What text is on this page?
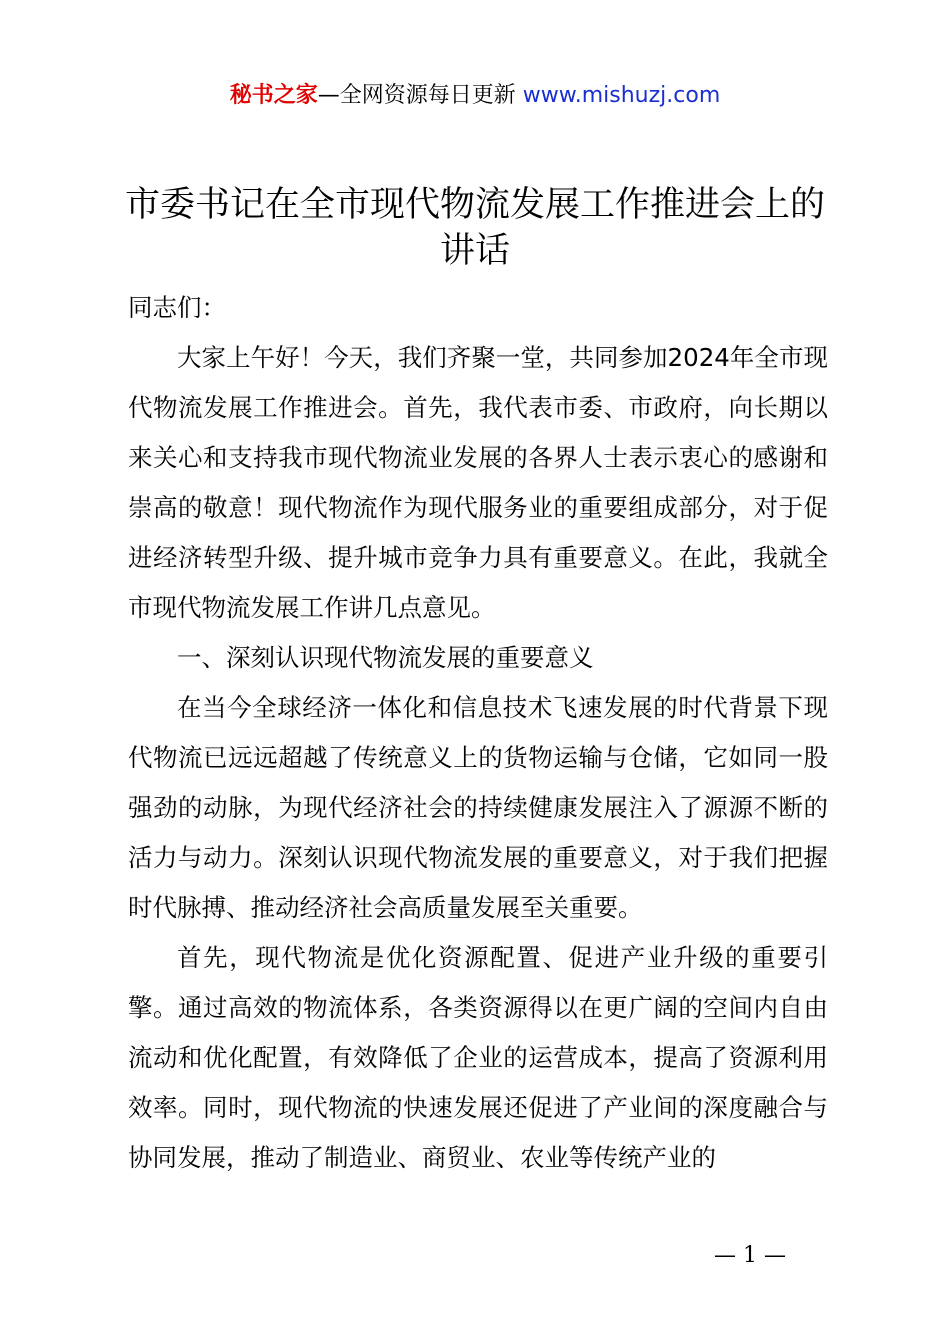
秘书之家—全网资源每日更新 www.mishuzj.com
市委书记在全市现代物流发展工作推进会上的讲话

同志们：

大家上午好！今天，我们齐聚一堂，共同参加2024年全市现代物流发展工作推进会。首先，我代表市委、市政府，向长期以来关心和支持我市现代物流业发展的各界人士表示衷心的感谢和崇高的敬意！现代物流作为现代服务业的重要组成部分，对于促进经济转型升级、提升城市竞争力具有重要意义。在此，我就全市现代物流发展工作讲几点意见。

一、深刻认识现代物流发展的重要意义

在当今全球经济一体化和信息技术飞速发展的时代背景下现代物流已远远超越了传统意义上的货物运输与仓储，它如同一股强劲的动脉，为现代经济社会的持续健康发展注入了源源不断的活力与动力。深刻认识现代物流发展的重要意义，对于我们把握时代脉搏、推动经济社会高质量发展至关重要。

首先，现代物流是优化资源配置、促进产业升级的重要引擎。通过高效的物流体系，各类资源得以在更广阔的空间内自由流动和优化配置，有效降低了企业的运营成本，提高了资源利用效率。同时，现代物流的快速发展还促进了产业间的深度融合与协同发展，推动了制造业、商贸业、农业等传统产业的

— 1 —
